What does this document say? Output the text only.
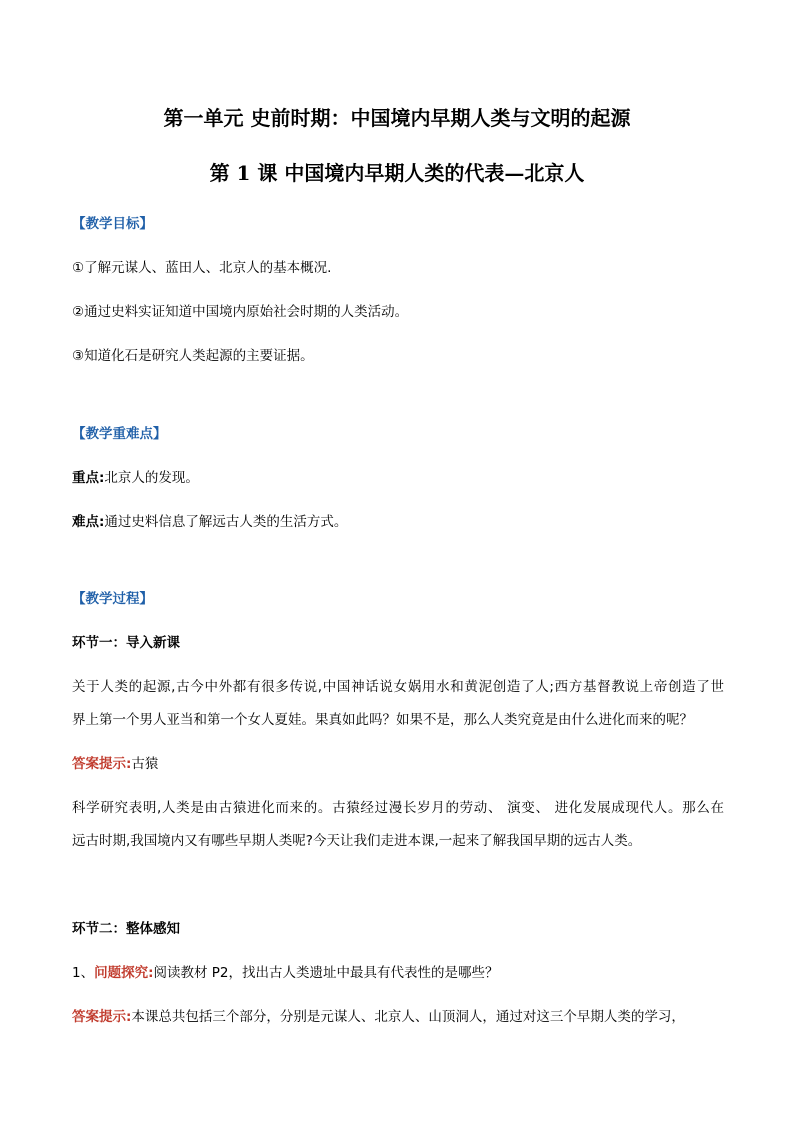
第一单元 史前时期：中国境内早期人类与文明的起源
第 1 课 中国境内早期人类的代表—北京人
【教学目标】
①了解元谋人、蓝田人、北京人的基本概况.
②通过史料实证知道中国境内原始社会时期的人类活动。
③知道化石是研究人类起源的主要证据。
【教学重难点】
重点:北京人的发现。
难点:通过史料信息了解远古人类的生活方式。
【教学过程】
环节一：导入新课
关于人类的起源,古今中外都有很多传说,中国神话说女娲用水和黄泥创造了人;西方基督教说上帝创造了世
界上第一个男人亚当和第一个女人夏娃。果真如此吗？如果不是，那么人类究竟是由什么进化而来的呢？
答案提示:古猿
科学研究表明,人类是由古猿进化而来的。古猿经过漫长岁月的劳动、 演变、 进化发展成现代人。那么在
远古时期,我国境内又有哪些早期人类呢?今天让我们走进本课,一起来了解我国早期的远古人类。
环节二：整体感知
1、问题探究:阅读教材 P2，找出古人类遗址中最具有代表性的是哪些？
答案提示:本课总共包括三个部分，分别是元谋人、北京人、山顶洞人，通过对这三个早期人类的学习，
